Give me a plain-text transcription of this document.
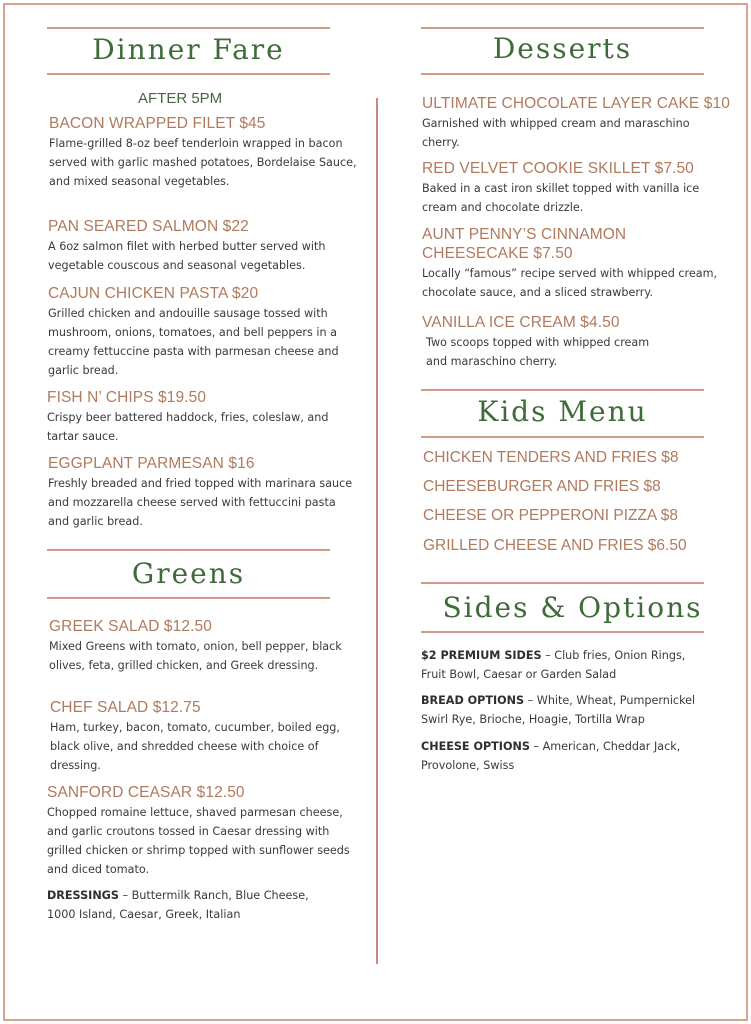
Dinner Fare
AFTER 5PM
BACON WRAPPED FILET $45
Flame-grilled 8-oz beef tenderloin wrapped in bacon served with garlic mashed potatoes, Bordelaise Sauce, and mixed seasonal vegetables.
PAN SEARED SALMON $22
A 6oz salmon filet with herbed butter served with vegetable couscous and seasonal vegetables.
CAJUN CHICKEN PASTA $20
Grilled chicken and andouille sausage tossed with mushroom, onions, tomatoes, and bell peppers in a creamy fettuccine pasta with parmesan cheese and garlic bread.
FISH N’ CHIPS $19.50
Crispy beer battered haddock, fries, coleslaw, and tartar sauce.
EGGPLANT PARMESAN $16
Freshly breaded and fried topped with marinara sauce and mozzarella cheese served with fettuccini pasta and garlic bread.
Greens
GREEK SALAD $12.50
Mixed Greens with tomato, onion, bell pepper, black olives, feta, grilled chicken, and Greek dressing.
CHEF SALAD $12.75
Ham, turkey, bacon, tomato, cucumber, boiled egg, black olive, and shredded cheese with choice of dressing.
SANFORD CEASAR $12.50
Chopped romaine lettuce, shaved parmesan cheese, and garlic croutons tossed in Caesar dressing with grilled chicken or shrimp topped with sunflower seeds and diced tomato.
DRESSINGS – Buttermilk Ranch, Blue Cheese, 1000 Island, Caesar, Greek, Italian
Desserts
ULTIMATE CHOCOLATE LAYER CAKE $10
Garnished with whipped cream and maraschino cherry.
RED VELVET COOKIE SKILLET $7.50
Baked in a cast iron skillet topped with vanilla ice cream and chocolate drizzle.
AUNT PENNY’S CINNAMON
CHEESECAKE $7.50
Locally “famous” recipe served with whipped cream, chocolate sauce, and a sliced strawberry.
VANILLA ICE CREAM $4.50
Two scoops topped with whipped cream and maraschino cherry.
Kids Menu
CHICKEN TENDERS AND FRIES $8
CHEESEBURGER AND FRIES $8
CHEESE OR PEPPERONI PIZZA $8
GRILLED CHEESE AND FRIES $6.50
Sides & Options
$2 PREMIUM SIDES – Club fries, Onion Rings, Fruit Bowl, Caesar or Garden Salad
BREAD OPTIONS – White, Wheat, Pumpernickel Swirl Rye, Brioche, Hoagie, Tortilla Wrap
CHEESE OPTIONS – American, Cheddar Jack, Provolone, Swiss
